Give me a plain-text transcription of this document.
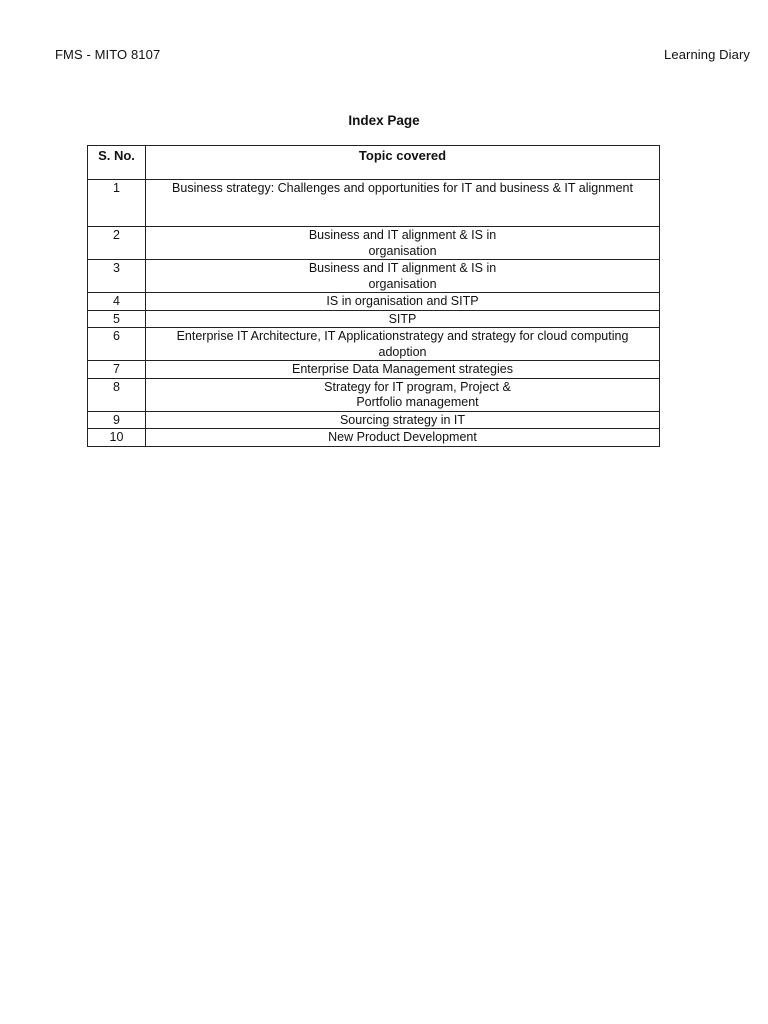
FMS - MITO 8107	Learning Diary
Index Page
S. No.	Topic covered
1	Business strategy: Challenges and opportunities for IT and business & IT alignment
2	Business and IT alignment & IS in organisation
3	Business and IT alignment & IS in organisation
4	IS in organisation and SITP
5	SITP
6	Enterprise IT Architecture, IT Applicationstrategy and strategy for cloud computing adoption
7	Enterprise Data Management strategies
8	Strategy for IT program, Project & Portfolio management
9	Sourcing strategy in IT
10	New Product Development
